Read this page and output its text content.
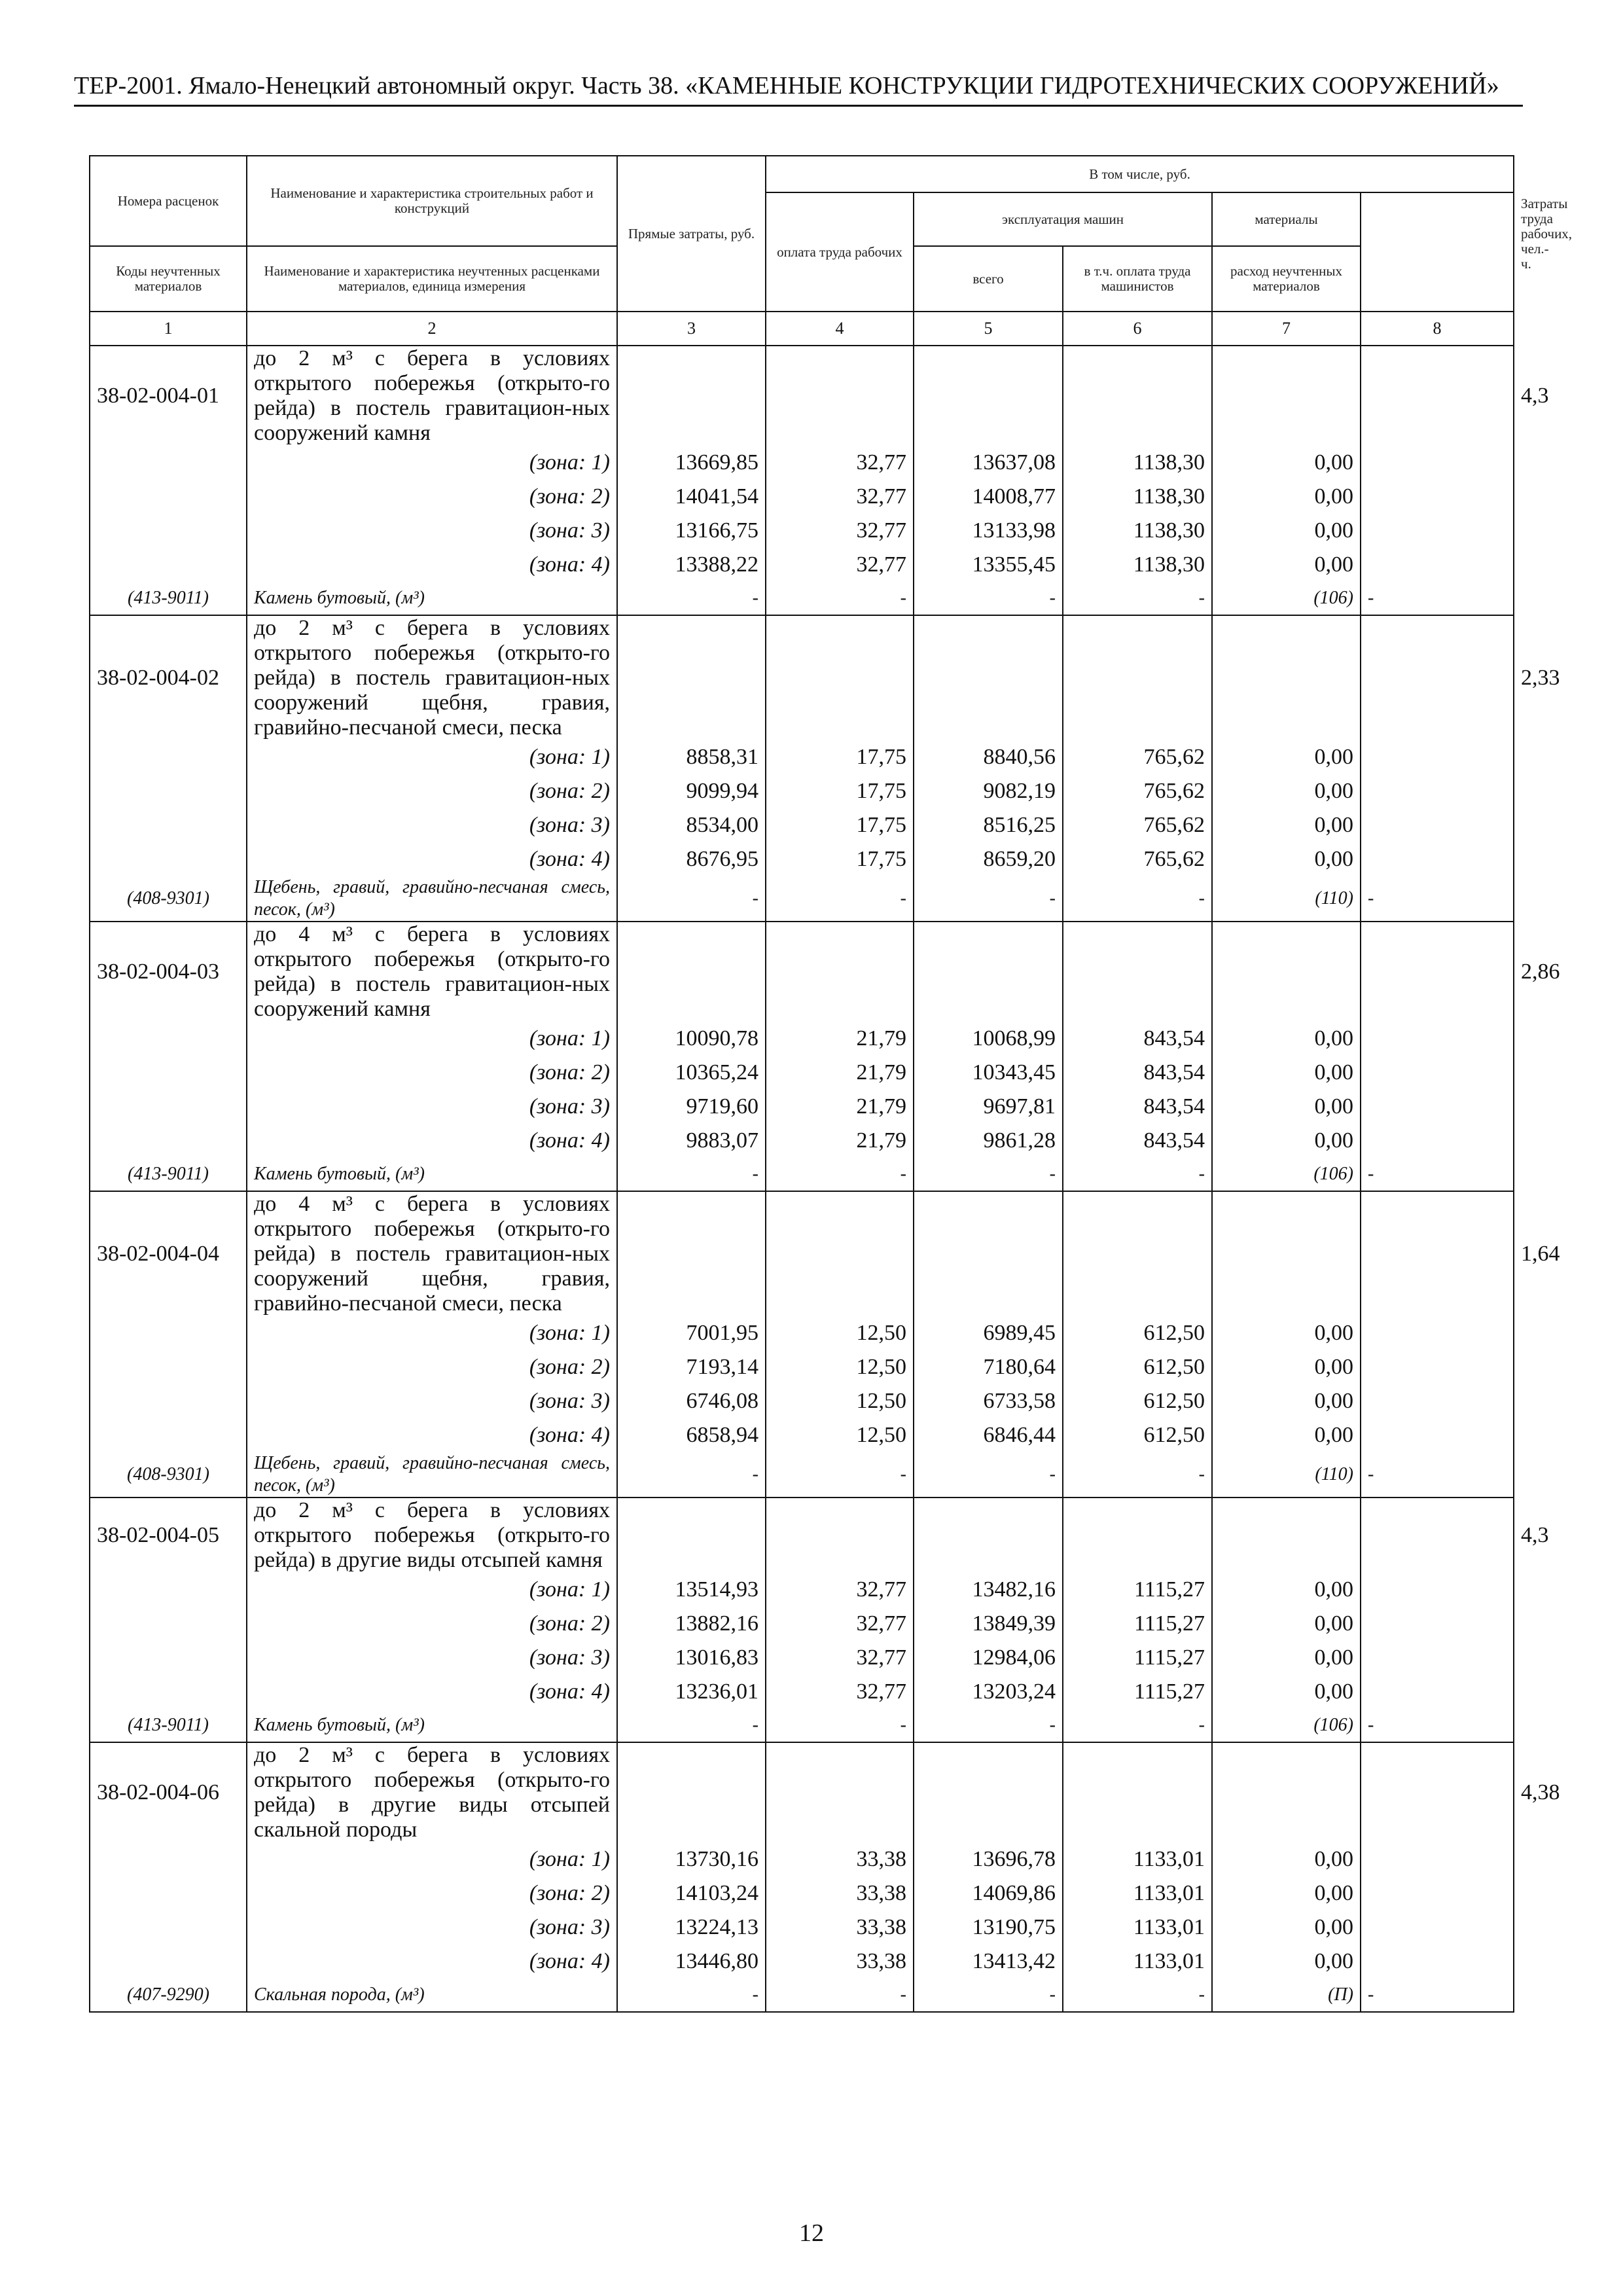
ТЕР-2001. Ямало-Ненецкий автономный округ. Часть 38. «КАМЕННЫЕ КОНСТРУКЦИИ ГИДРОТЕХНИЧЕСКИХ СООРУЖЕНИЙ»
Номера расценок	Наименование и характеристика строительных работ и конструкций	Прямые затраты, руб.	В том числе, руб.					Затраты труда рабочих, чел.-ч.
			оплата труда рабочих	эксплуатация машин		материалы		
Коды неучтенных материалов	Наименование и характеристика неучтенных расценками материалов, единица измерения			всего	в т.ч. оплата труда машинистов	расход неучтенных материалов		

1	2	3	4	5	6	7	8	
38-02-004-01	до 2 м³ с берега в условиях открытого побережья (открыто-го рейда) в постель гравитацион-ных сооружений камня							4,3
	(зона: 1)	13669,85	32,77	13637,08	1138,30	0,00		
	(зона: 2)	14041,54	32,77	14008,77	1138,30	0,00		
	(зона: 3)	13166,75	32,77	13133,98	1138,30	0,00		
	(зона: 4)	13388,22	32,77	13355,45	1138,30	0,00		
(413-9011)	Камень бутовый, (м³)	-	-	-	-	(106)	-	
38-02-004-02	до 2 м³ с берега в условиях открытого побережья (открыто-го рейда) в постель гравитацион-ных сооружений щебня, гравия, гравийно-песчаной смеси, песка							2,33
	(зона: 1)	8858,31	17,75	8840,56	765,62	0,00		
	(зона: 2)	9099,94	17,75	9082,19	765,62	0,00		
	(зона: 3)	8534,00	17,75	8516,25	765,62	0,00		
	(зона: 4)	8676,95	17,75	8659,20	765,62	0,00		
(408-9301)	Щебень, гравий, гравийно-песчаная смесь, песок, (м³)	-	-	-	-	(110)	-	
38-02-004-03	до 4 м³ с берега в условиях открытого побережья (открыто-го рейда) в постель гравитацион-ных сооружений камня							2,86
	(зона: 1)	10090,78	21,79	10068,99	843,54	0,00		
	(зона: 2)	10365,24	21,79	10343,45	843,54	0,00		
	(зона: 3)	9719,60	21,79	9697,81	843,54	0,00		
	(зона: 4)	9883,07	21,79	9861,28	843,54	0,00		
(413-9011)	Камень бутовый, (м³)	-	-	-	-	(106)	-	
38-02-004-04	до 4 м³ с берега в условиях открытого побережья (открыто-го рейда) в постель гравитацион-ных сооружений щебня, гравия, гравийно-песчаной смеси, песка							1,64
	(зона: 1)	7001,95	12,50	6989,45	612,50	0,00		
	(зона: 2)	7193,14	12,50	7180,64	612,50	0,00		
	(зона: 3)	6746,08	12,50	6733,58	612,50	0,00		
	(зона: 4)	6858,94	12,50	6846,44	612,50	0,00		
(408-9301)	Щебень, гравий, гравийно-песчаная смесь, песок, (м³)	-	-	-	-	(110)	-	
38-02-004-05	до 2 м³ с берега в условиях открытого побережья (открыто-го рейда) в другие виды отсыпей камня							4,3
	(зона: 1)	13514,93	32,77	13482,16	1115,27	0,00		
	(зона: 2)	13882,16	32,77	13849,39	1115,27	0,00		
	(зона: 3)	13016,83	32,77	12984,06	1115,27	0,00		
	(зона: 4)	13236,01	32,77	13203,24	1115,27	0,00		
(413-9011)	Камень бутовый, (м³)	-	-	-	-	(106)	-	
38-02-004-06	до 2 м³ с берега в условиях открытого побережья (открыто-го рейда) в другие виды отсыпей скальной породы							4,38
	(зона: 1)	13730,16	33,38	13696,78	1133,01	0,00		
	(зона: 2)	14103,24	33,38	14069,86	1133,01	0,00		
	(зона: 3)	13224,13	33,38	13190,75	1133,01	0,00		
	(зона: 4)	13446,80	33,38	13413,42	1133,01	0,00		
(407-9290)	Скальная порода, (м³)	-	-	-	-	(П)	-	
12
